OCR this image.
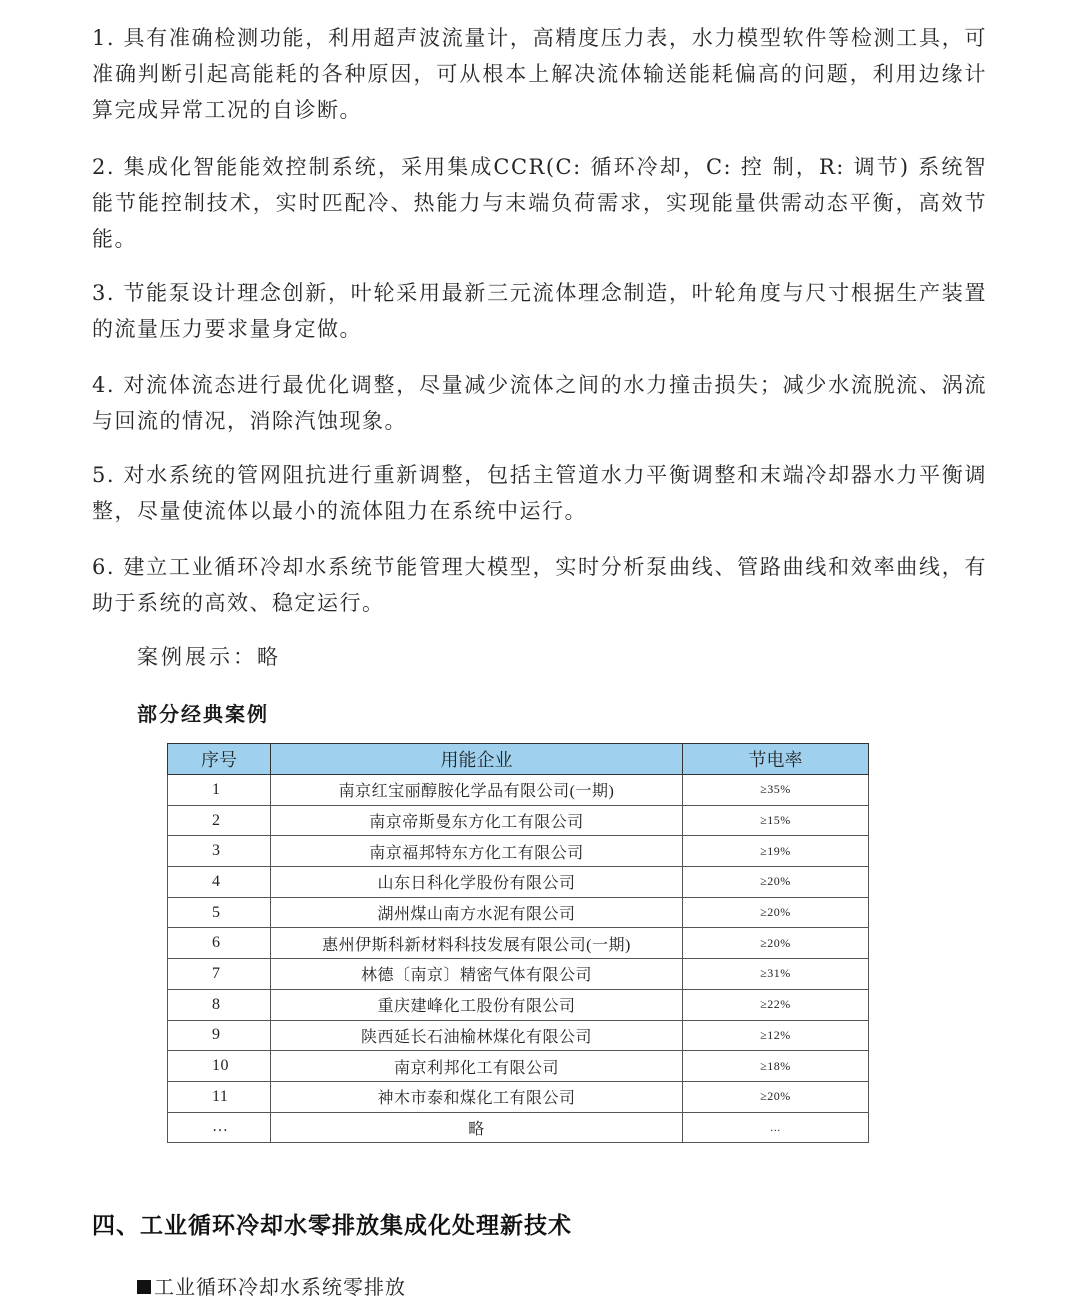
1. 具有准确检测功能，利用超声波流量计，高精度压力表，水力模型软件等检测工具，可准确判断引起高能耗的各种原因，可从根本上解决流体输送能耗偏高的问题，利用边缘计算完成异常工况的自诊断。

2. 集成化智能能效控制系统，采用集成CCR(C: 循环冷却，C: 控 制，R: 调节) 系统智能节能控制技术，实时匹配冷、热能力与末端负荷需求，实现能量供需动态平衡，高效节能。

3. 节能泵设计理念创新，叶轮采用最新三元流体理念制造，叶轮角度与尺寸根据生产装置的流量压力要求量身定做。

4. 对流体流态进行最优化调整，尽量减少流体之间的水力撞击损失；减少水流脱流、涡流与回流的情况，消除汽蚀现象。

5. 对水系统的管网阻抗进行重新调整，包括主管道水力平衡调整和末端冷却器水力平衡调整，尽量使流体以最小的流体阻力在系统中运行。

6. 建立工业循环冷却水系统节能管理大模型，实时分析泵曲线、管路曲线和效率曲线，有助于系统的高效、稳定运行。

案例展示：略
部分经典案例
序号	用能企业	节电率
1	南京红宝丽醇胺化学品有限公司(一期)	≥35%
2	南京帝斯曼东方化工有限公司	≥15%
3	南京福邦特东方化工有限公司	≥19%
4	山东日科化学股份有限公司	≥20%
5	湖州煤山南方水泥有限公司	≥20%
6	惠州伊斯科新材料科技发展有限公司(一期)	≥20%
7	林德〔南京〕精密气体有限公司	≥31%
8	重庆建峰化工股份有限公司	≥22%
9	陕西延长石油榆林煤化有限公司	≥12%
10	南京利邦化工有限公司	≥18%
11	神木市泰和煤化工有限公司	≥20%
…	略	...
四、工业循环冷却水零排放集成化处理新技术
工业循环冷却水系统零排放
